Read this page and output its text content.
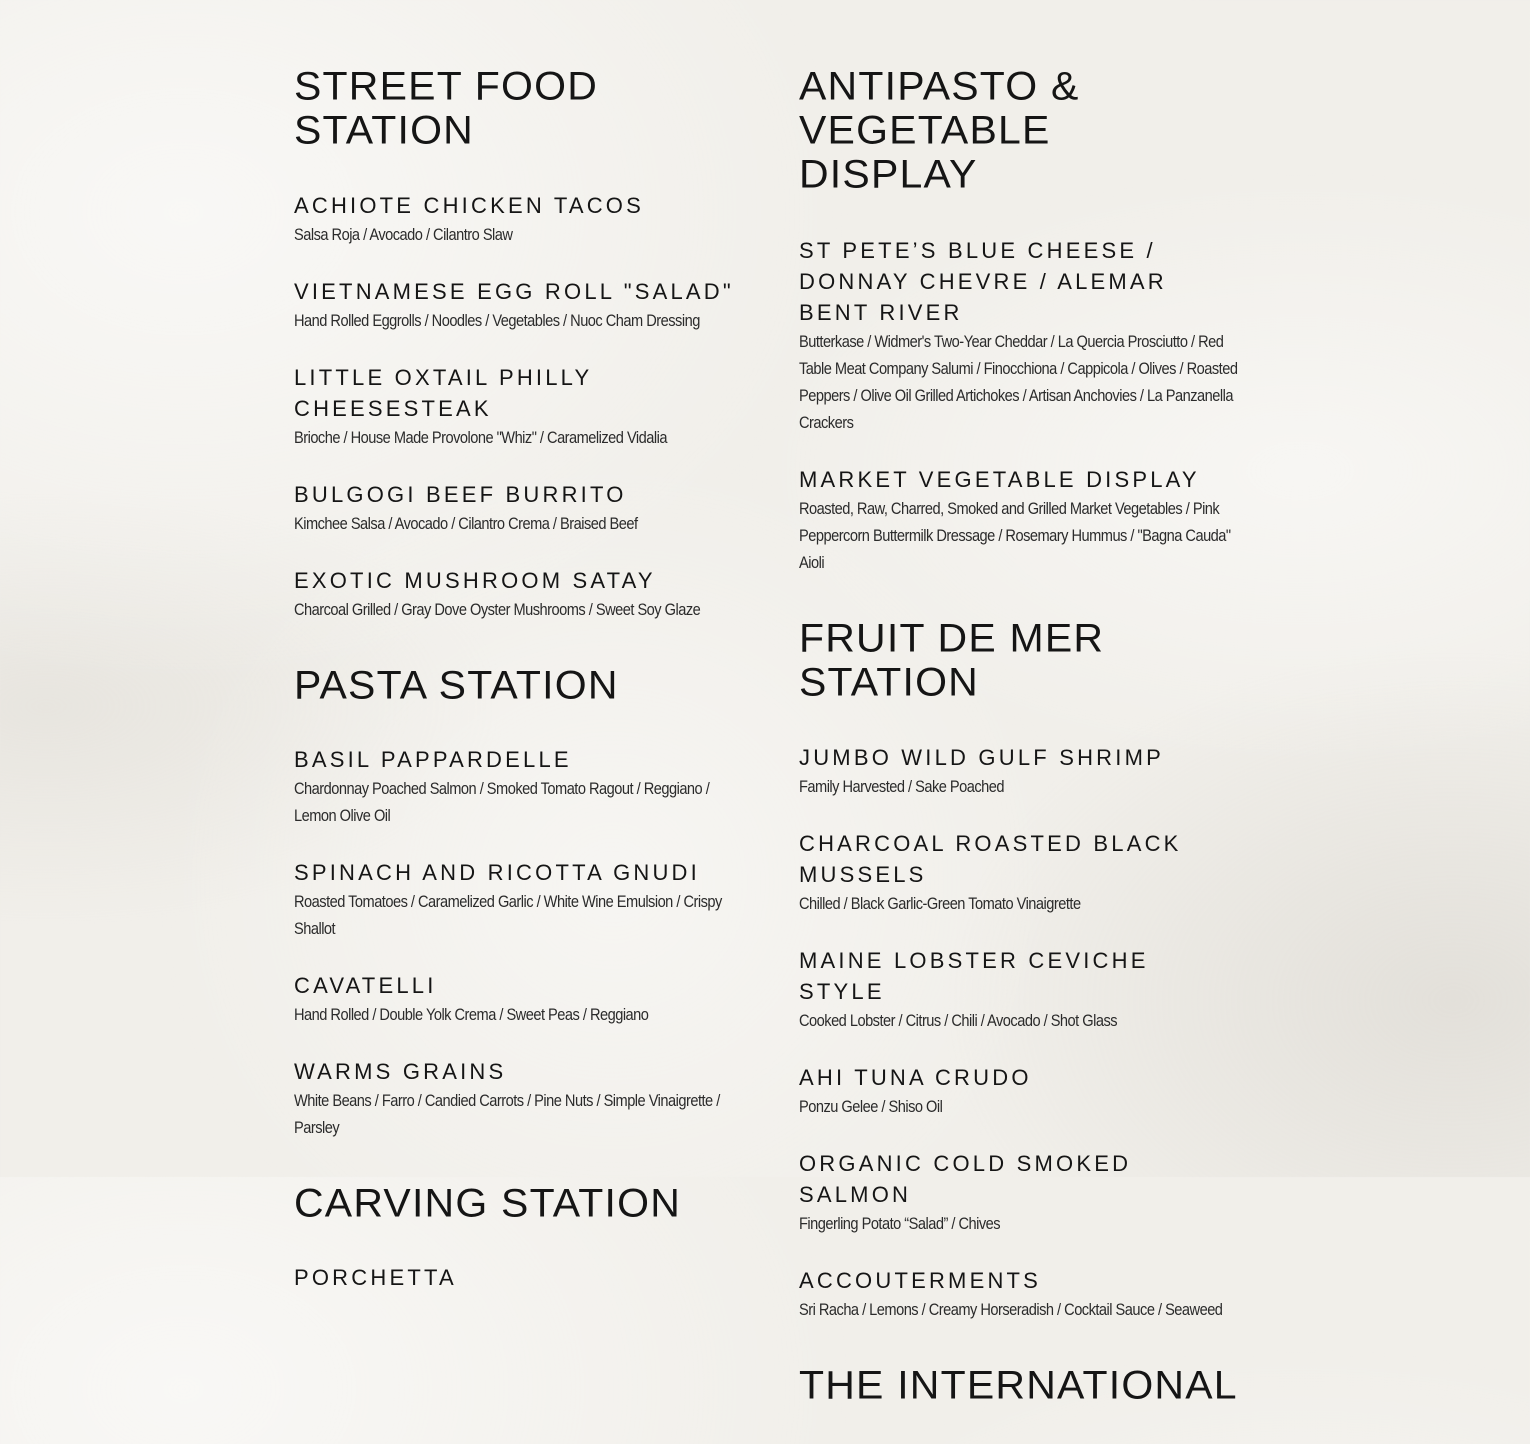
STREET FOOD STATION

ACHIOTE CHICKEN TACOS

Salsa Roja / Avocado / Cilantro Slaw

VIETNAMESE EGG ROLL "SALAD"

Hand Rolled Eggrolls / Noodles / Vegetables / Nuoc Cham Dressing

LITTLE OXTAIL PHILLY CHEESESTEAK

Brioche / House Made Provolone "Whiz" / Caramelized Vidalia

BULGOGI BEEF BURRITO

Kimchee Salsa / Avocado / Cilantro Crema / Braised Beef

EXOTIC MUSHROOM SATAY

Charcoal Grilled / Gray Dove Oyster Mushrooms / Sweet Soy Glaze

PASTA STATION

BASIL PAPPARDELLE

Chardonnay Poached Salmon / Smoked Tomato Ragout / Reggiano / Lemon Olive Oil

SPINACH AND RICOTTA GNUDI

Roasted Tomatoes / Caramelized Garlic / White Wine Emulsion / Crispy Shallot

CAVATELLI

Hand Rolled / Double Yolk Crema / Sweet Peas / Reggiano

WARMS GRAINS

White Beans / Farro / Candied Carrots / Pine Nuts / Simple Vinaigrette / Parsley

CARVING STATION

PORCHETTA

ANTIPASTO & VEGETABLE DISPLAY

ST PETE’S BLUE CHEESE / DONNAY CHEVRE / ALEMAR BENT RIVER

Butterkase / Widmer's Two-Year Cheddar / La Quercia Prosciutto / Red Table Meat Company Salumi / Finocchiona / Cappicola / Olives / Roasted Peppers / Olive Oil Grilled Artichokes / Artisan Anchovies / La Panzanella Crackers

MARKET VEGETABLE DISPLAY

Roasted, Raw, Charred, Smoked and Grilled Market Vegetables / Pink Peppercorn Buttermilk Dressage / Rosemary Hummus / "Bagna Cauda" Aioli

FRUIT DE MER STATION

JUMBO WILD GULF SHRIMP

Family Harvested / Sake Poached

CHARCOAL ROASTED BLACK MUSSELS

Chilled / Black Garlic-Green Tomato Vinaigrette

MAINE LOBSTER CEVICHE STYLE

Cooked Lobster / Citrus / Chili / Avocado / Shot Glass

AHI TUNA CRUDO

Ponzu Gelee / Shiso Oil

ORGANIC COLD SMOKED SALMON

Fingerling Potato “Salad” / Chives

ACCOUTERMENTS

Sri Racha / Lemons / Creamy Horseradish / Cocktail Sauce / Seaweed

THE INTERNATIONAL
